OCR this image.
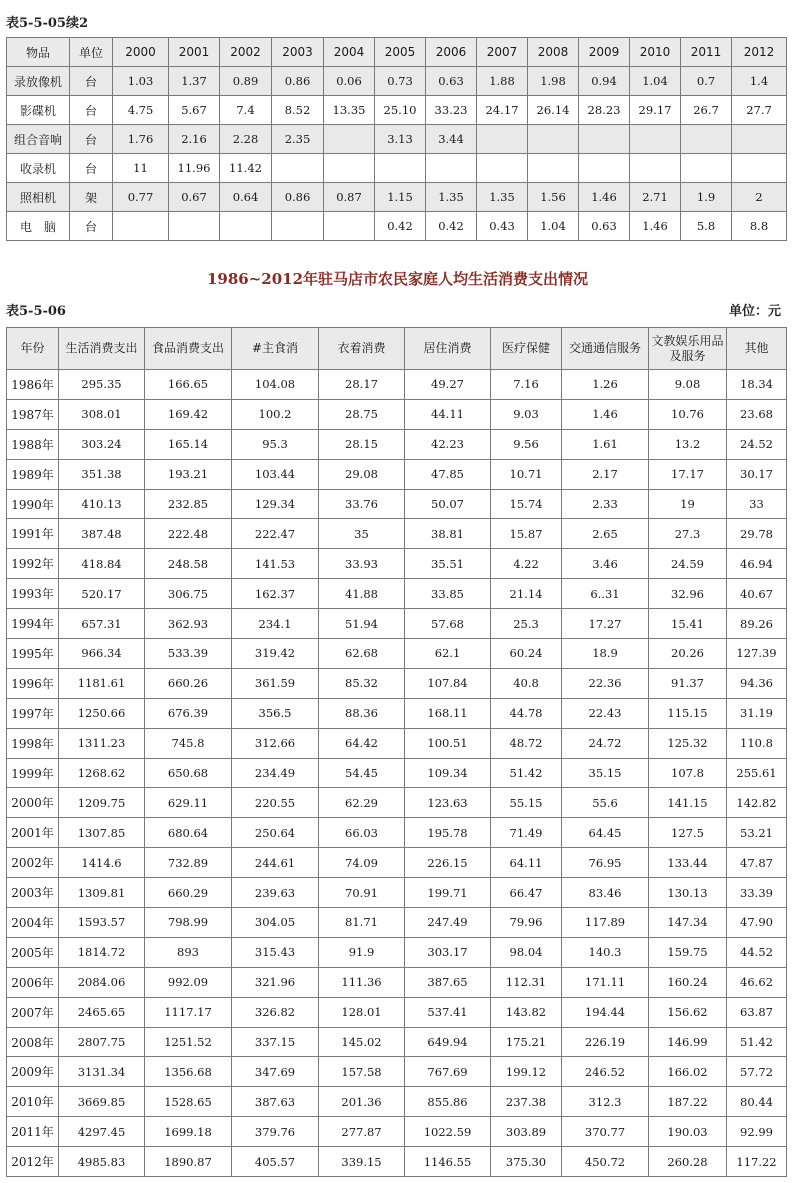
表5-5-05续2
物品	单位	2000	2001	2002	2003	2004	2005	2006	2007	2008	2009	2010	2011	2012
录放像机	台	1.03	1.37	0.89	0.86	0.06	0.73	0.63	1.88	1.98	0.94	1.04	0.7	1.4
影碟机	台	4.75	5.67	7.4	8.52	13.35	25.10	33.23	24.17	26.14	28.23	29.17	26.7	27.7
组合音响	台	1.76	2.16	2.28	2.35		3.13	3.44						
收录机	台	11	11.96	11.42										
照相机	架	0.77	0.67	0.64	0.86	0.87	1.15	1.35	1.35	1.56	1.46	2.71	1.9	2
电　脑	台						0.42	0.42	0.43	1.04	0.63	1.46	5.8	8.8
1986~2012年驻马店市农民家庭人均生活消费支出情况
表5-5-06	单位：元
年份	生活消费支出	食品消费支出	#主食消	衣着消费	居住消费	医疗保健	交通通信服务	文教娱乐用品及服务	其他
1986年	295.35	166.65	104.08	28.17	49.27	7.16	1.26	9.08	18.34
1987年	308.01	169.42	100.2	28.75	44.11	9.03	1.46	10.76	23.68
1988年	303.24	165.14	95.3	28.15	42.23	9.56	1.61	13.2	24.52
1989年	351.38	193.21	103.44	29.08	47.85	10.71	2.17	17.17	30.17
1990年	410.13	232.85	129.34	33.76	50.07	15.74	2.33	19	33
1991年	387.48	222.48	222.47	35	38.81	15.87	2.65	27.3	29.78
1992年	418.84	248.58	141.53	33.93	35.51	4.22	3.46	24.59	46.94
1993年	520.17	306.75	162.37	41.88	33.85	21.14	6..31	32.96	40.67
1994年	657.31	362.93	234.1	51.94	57.68	25.3	17.27	15.41	89.26
1995年	966.34	533.39	319.42	62.68	62.1	60.24	18.9	20.26	127.39
1996年	1181.61	660.26	361.59	85.32	107.84	40.8	22.36	91.37	94.36
1997年	1250.66	676.39	356.5	88.36	168.11	44.78	22.43	115.15	31.19
1998年	1311.23	745.8	312.66	64.42	100.51	48.72	24.72	125.32	110.8
1999年	1268.62	650.68	234.49	54.45	109.34	51.42	35.15	107.8	255.61
2000年	1209.75	629.11	220.55	62.29	123.63	55.15	55.6	141.15	142.82
2001年	1307.85	680.64	250.64	66.03	195.78	71.49	64.45	127.5	53.21
2002年	1414.6	732.89	244.61	74.09	226.15	64.11	76.95	133.44	47.87
2003年	1309.81	660.29	239.63	70.91	199.71	66.47	83.46	130.13	33.39
2004年	1593.57	798.99	304.05	81.71	247.49	79.96	117.89	147.34	47.90
2005年	1814.72	893	315.43	91.9	303.17	98.04	140.3	159.75	44.52
2006年	2084.06	992.09	321.96	111.36	387.65	112.31	171.11	160.24	46.62
2007年	2465.65	1117.17	326.82	128.01	537.41	143.82	194.44	156.62	63.87
2008年	2807.75	1251.52	337.15	145.02	649.94	175.21	226.19	146.99	51.42
2009年	3131.34	1356.68	347.69	157.58	767.69	199.12	246.52	166.02	57.72
2010年	3669.85	1528.65	387.63	201.36	855.86	237.38	312.3	187.22	80.44
2011年	4297.45	1699.18	379.76	277.87	1022.59	303.89	370.77	190.03	92.99
2012年	4985.83	1890.87	405.57	339.15	1146.55	375.30	450.72	260.28	117.22
